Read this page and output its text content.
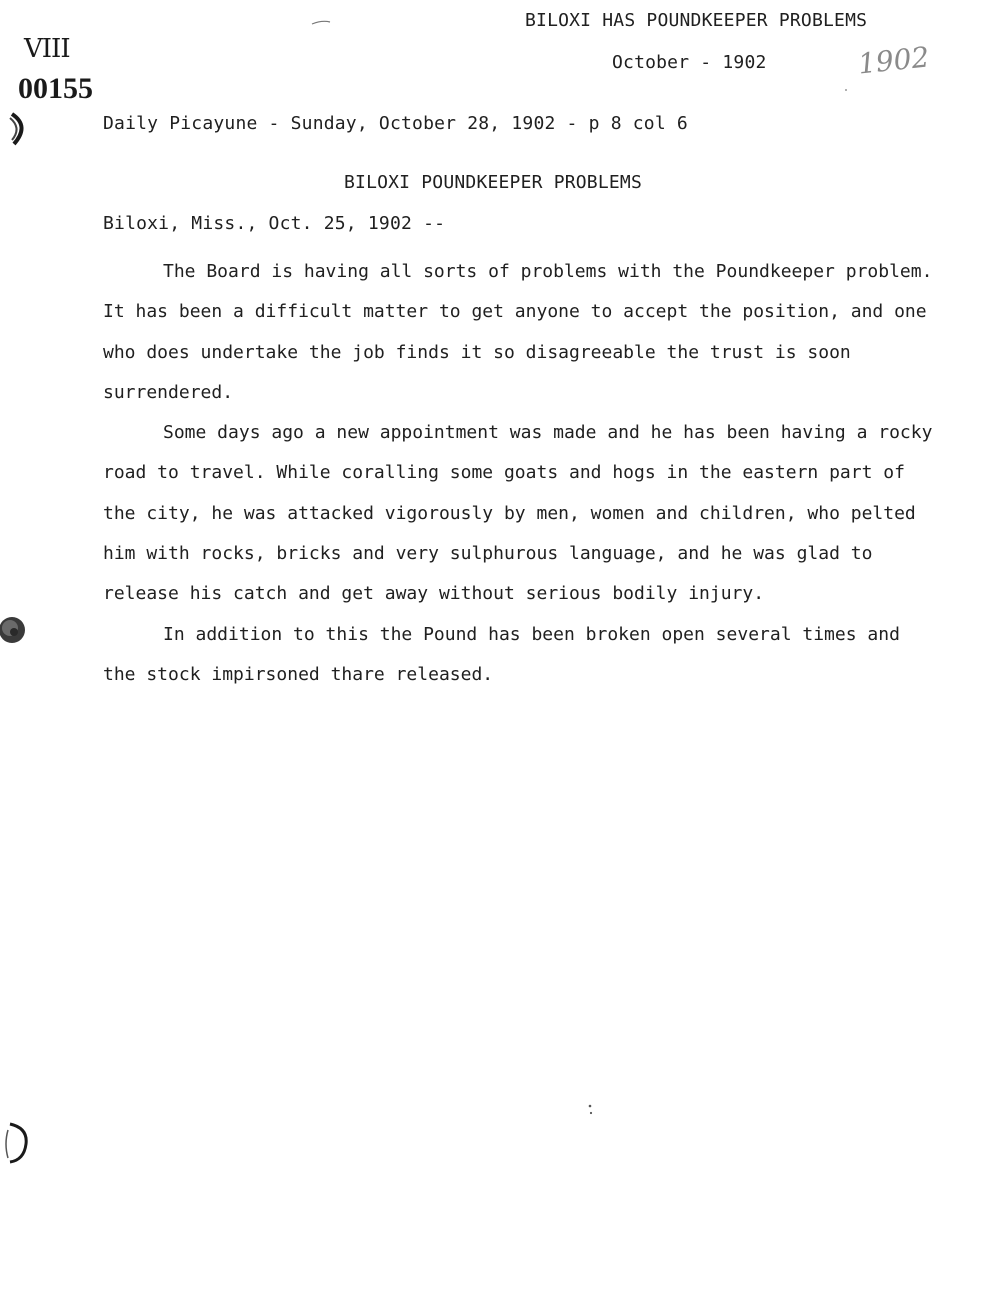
VIII
00155
BILOXI HAS POUNDKEEPER PROBLEMS
October - 1902	1902
Daily Picayune - Sunday, October 28, 1902 - p 8 col 6
BILOXI POUNDKEEPER PROBLEMS
Biloxi, Miss., Oct. 25, 1902 --

The Board is having all sorts of problems with the Poundkeeper problem. It has been a difficult matter to get anyone to accept the position, and one who does undertake the job finds it so disagreeable the trust is soon surrendered.

Some days ago a new appointment was made and he has been having a rocky road to travel. While coralling some goats and hogs in the eastern part of the city, he was attacked vigorously by men, women and children, who pelted him with rocks, bricks and very sulphurous language, and he was glad to release his catch and get away without serious bodily injury.

In addition to this the Pound has been broken open several times and the stock impirsoned thare released.
